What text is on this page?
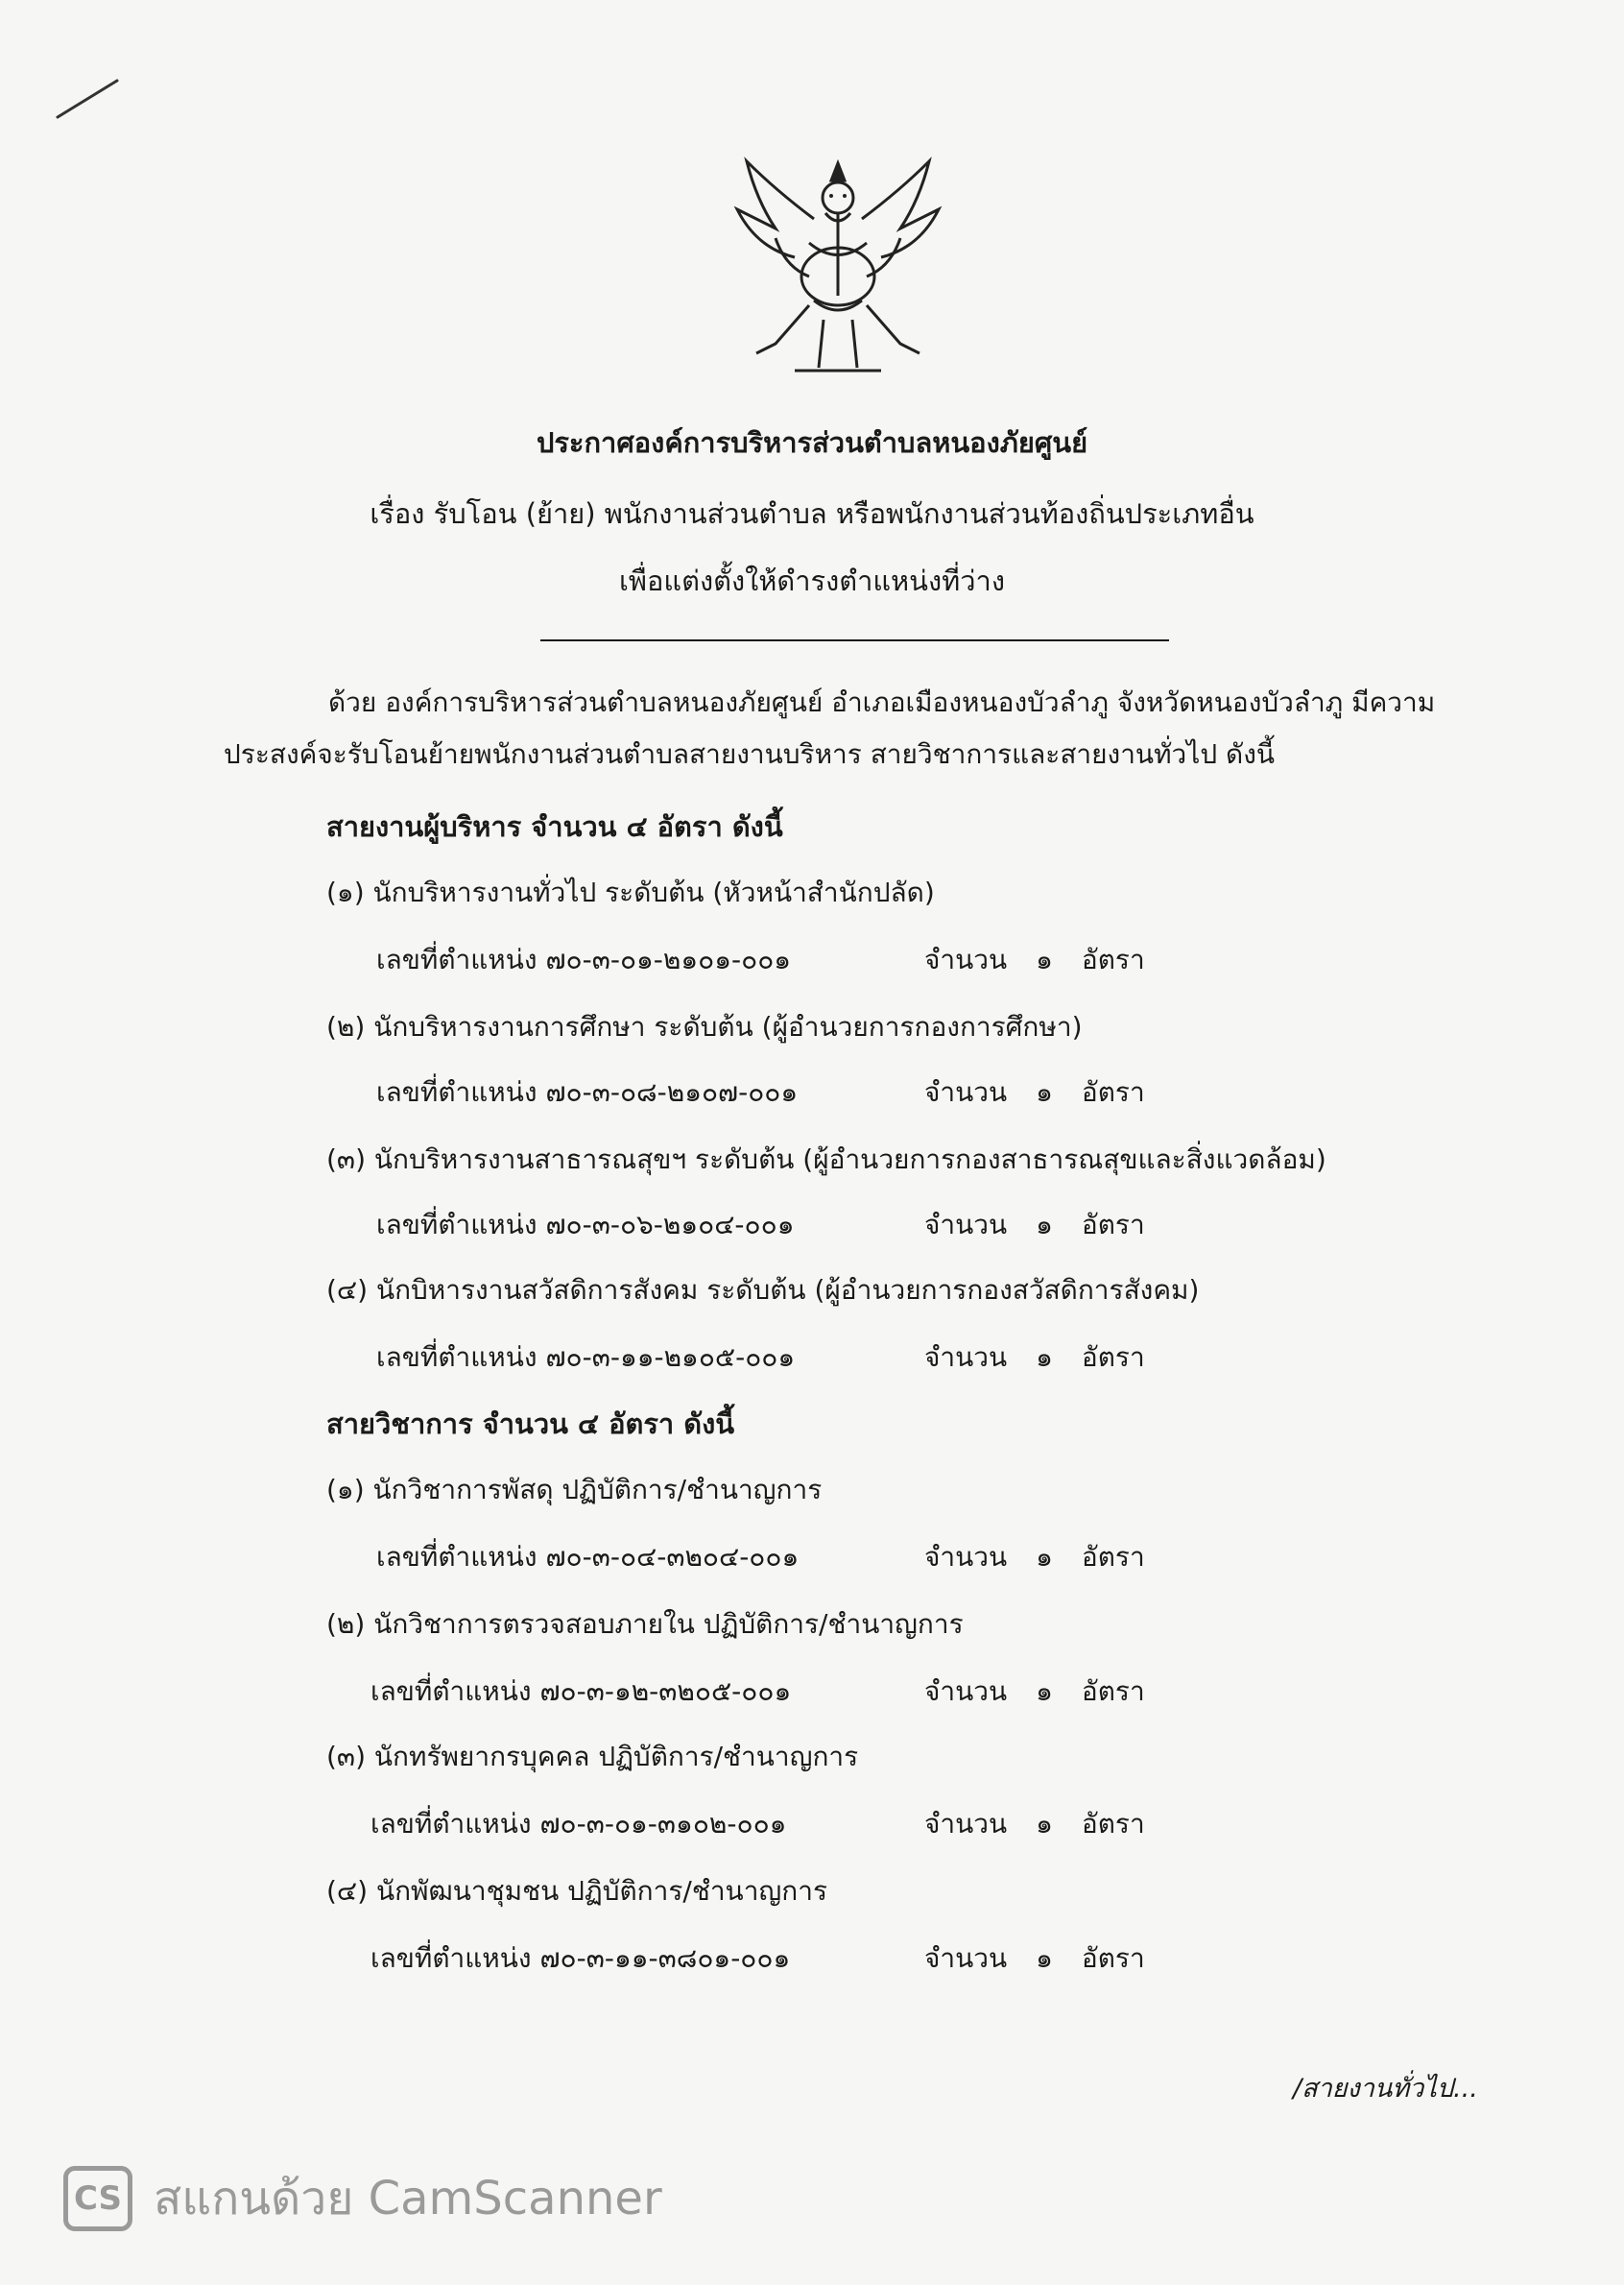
ประกาศองค์การบริหารส่วนตำบลหนองภัยศูนย์
เรื่อง รับโอน (ย้าย) พนักงานส่วนตำบล หรือพนักงานส่วนท้องถิ่นประเภทอื่น
เพื่อแต่งตั้งให้ดำรงตำแหน่งที่ว่าง
ด้วย องค์การบริหารส่วนตำบลหนองภัยศูนย์ อำเภอเมืองหนองบัวลำภู จังหวัดหนองบัวลำภู มีความ
ประสงค์จะรับโอนย้ายพนักงานส่วนตำบลสายงานบริหาร สายวิชาการและสายงานทั่วไป ดังนี้
สายงานผู้บริหาร จำนวน ๔ อัตรา ดังนี้
(๑) นักบริหารงานทั่วไป ระดับต้น (หัวหน้าสำนักปลัด)
เลขที่ตำแหน่ง ๗๐-๓-๐๑-๒๑๐๑-๐๐๑	จำนวน ๑ อัตรา
(๒) นักบริหารงานการศึกษา ระดับต้น (ผู้อำนวยการกองการศึกษา)
เลขที่ตำแหน่ง ๗๐-๓-๐๘-๒๑๐๗-๐๐๑	จำนวน ๑ อัตรา
(๓) นักบริหารงานสาธารณสุขฯ ระดับต้น (ผู้อำนวยการกองสาธารณสุขและสิ่งแวดล้อม)
เลขที่ตำแหน่ง ๗๐-๓-๐๖-๒๑๐๔-๐๐๑	จำนวน ๑ อัตรา
(๔) นักบิหารงานสวัสดิการสังคม ระดับต้น (ผู้อำนวยการกองสวัสดิการสังคม)
เลขที่ตำแหน่ง ๗๐-๓-๑๑-๒๑๐๕-๐๐๑	จำนวน ๑ อัตรา
สายวิชาการ จำนวน ๔ อัตรา ดังนี้
(๑) นักวิชาการพัสดุ ปฏิบัติการ/ชำนาญการ
เลขที่ตำแหน่ง ๗๐-๓-๐๔-๓๒๐๔-๐๐๑	จำนวน ๑ อัตรา
(๒) นักวิชาการตรวจสอบภายใน ปฏิบัติการ/ชำนาญการ
เลขที่ตำแหน่ง ๗๐-๓-๑๒-๓๒๐๕-๐๐๑	จำนวน ๑ อัตรา
(๓) นักทรัพยากรบุคคล ปฏิบัติการ/ชำนาญการ
เลขที่ตำแหน่ง ๗๐-๓-๐๑-๓๑๐๒-๐๐๑	จำนวน ๑ อัตรา
(๔) นักพัฒนาชุมชน ปฏิบัติการ/ชำนาญการ
เลขที่ตำแหน่ง ๗๐-๓-๑๑-๓๘๐๑-๐๐๑	จำนวน ๑ อัตรา
/สายงานทั่วไป...
CS สแกนด้วย CamScanner
